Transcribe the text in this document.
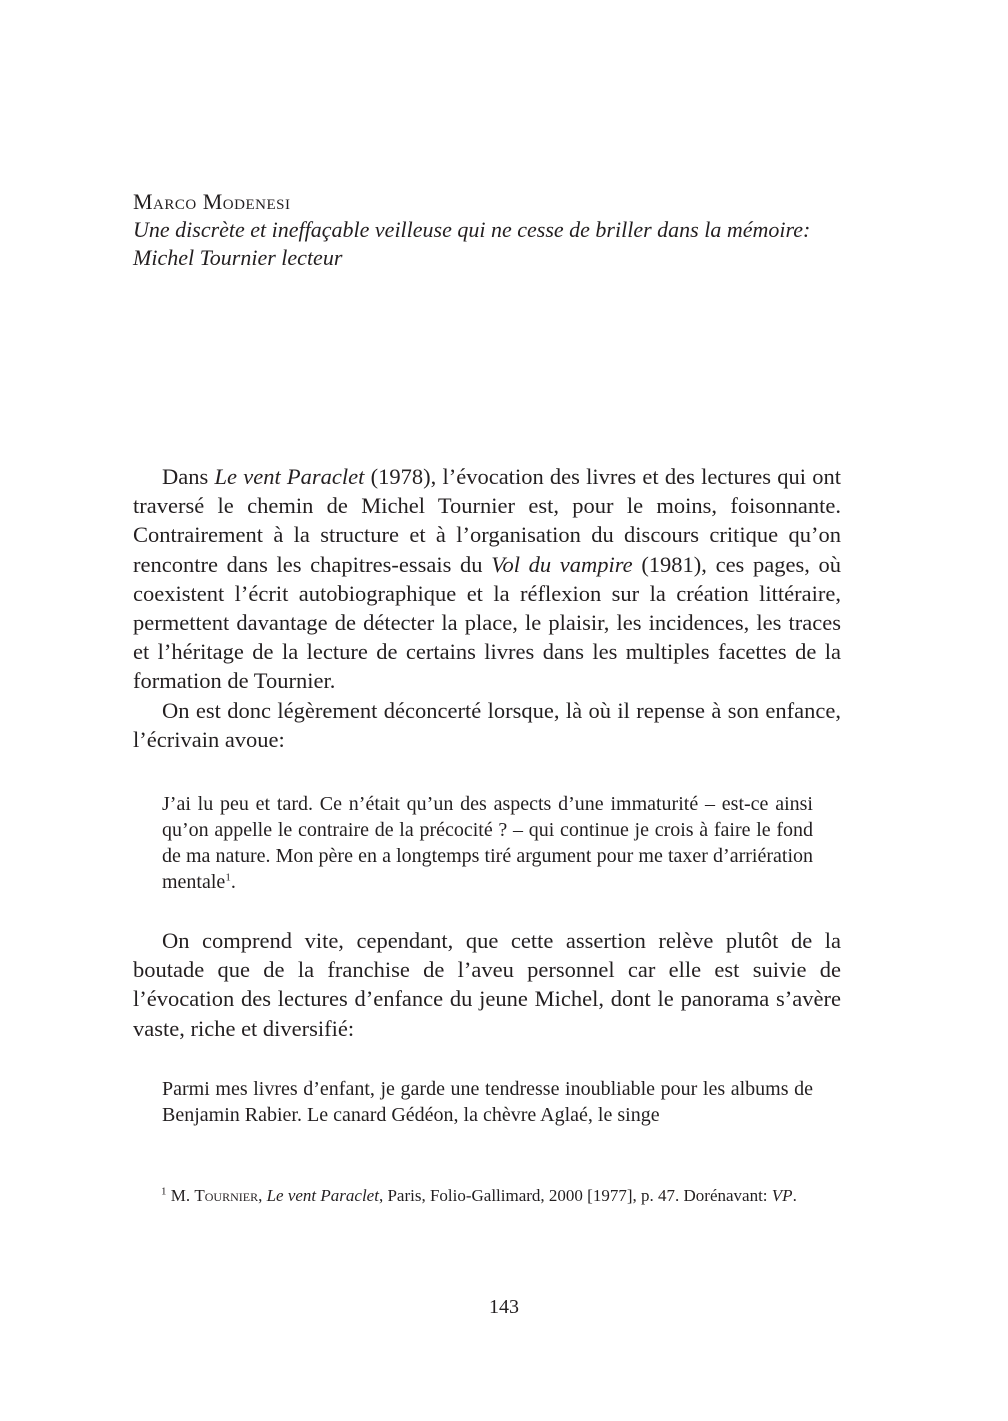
Marco Modenesi
Une discrète et ineffaçable veilleuse qui ne cesse de briller dans la mémoire:
Michel Tournier lecteur

Dans Le vent Paraclet (1978), l’évocation des livres et des lectures qui ont traversé le chemin de Michel Tournier est, pour le moins, foisonnante. Contrairement à la structure et à l’organisation du discours critique qu’on rencontre dans les chapitres-essais du Vol du vampire (1981), ces pages, où coexistent l’écrit autobiographique et la réflexion sur la création littéraire, permettent davantage de détecter la place, le plaisir, les incidences, les traces et l’héritage de la lecture de certains livres dans les multiples facettes de la formation de Tournier.

On est donc légèrement déconcerté lorsque, là où il repense à son enfance, l’écrivain avoue:

J’ai lu peu et tard. Ce n’était qu’un des aspects d’une immaturité – est-ce ainsi qu’on appelle le contraire de la précocité ? – qui continue je crois à faire le fond de ma nature. Mon père en a longtemps tiré argument pour me taxer d’arriération mentale$^1$.

On comprend vite, cependant, que cette assertion relève plutôt de la boutade que de la franchise de l’aveu personnel car elle est suivie de l’évocation des lectures d’enfance du jeune Michel, dont le panorama s’avère vaste, riche et diversifié:

Parmi mes livres d’enfant, je garde une tendresse inoubliable pour les albums de Benjamin Rabier. Le canard Gédéon, la chèvre Aglaé, le singe
$^1$ M. Tournier, Le vent Paraclet, Paris, Folio-Gallimard, 2000 [1977], p. 47. Dorénavant: VP.
143
